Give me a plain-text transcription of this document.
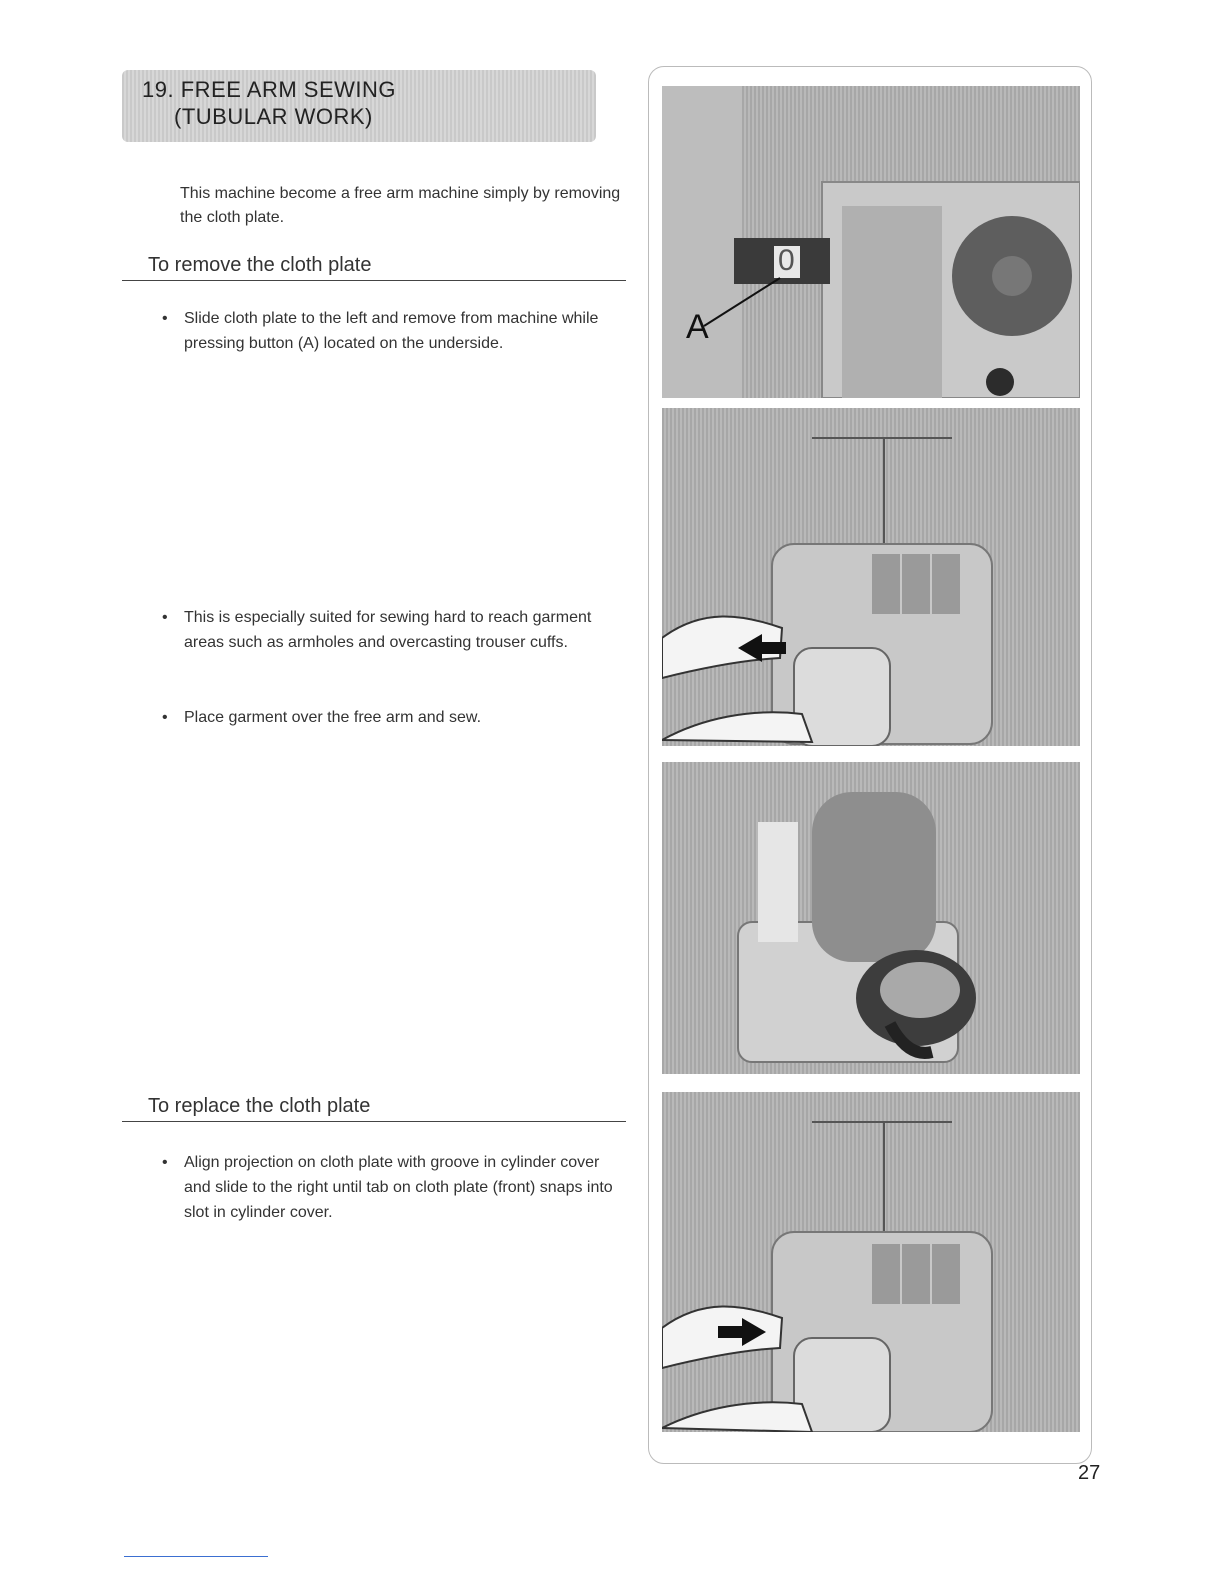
19. FREE ARM SEWING
(TUBULAR WORK)
This machine become a free arm machine simply by removing the cloth plate.
To remove the cloth plate
• Slide cloth plate to the left and remove from machine while pressing button (A) located on the underside.
• This is especially suited for sewing hard to reach garment areas such as armholes and overcasting trouser cuffs.
• Place garment over the free arm and sew.
To replace the cloth plate
• Align projection on cloth plate with groove in cylinder cover and slide to the right until tab on cloth plate (front) snaps into slot in cylinder cover.
0
A
27
